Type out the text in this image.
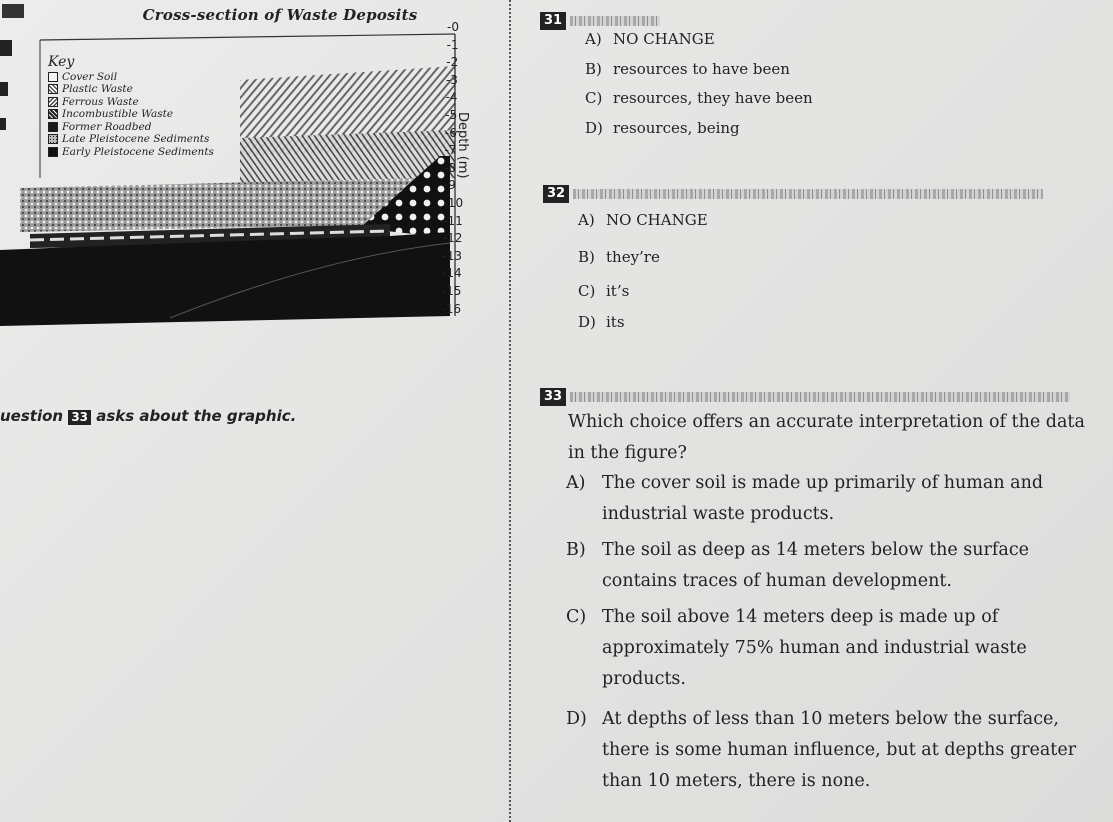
Cross-section of Waste Deposits
Key
Cover Soil
Plastic Waste
Ferrous Waste
Incombustible Waste
Former Roadbed
Late Pleistocene Sediments
Early Pleistocene Sediments
-0
-1
-2
-3
-4
-5
-6
-7
-8
-9
-10
-11
-12
-13
-14
-15
-16
Depth (m)
31
A) NO CHANGE
B) resources to have been
C) resources, they have been
D) resources, being
32
A) NO CHANGE
B) they’re
C) it’s
D) its
33
Which choice offers an accurate interpretation of the data in the figure?
A) The cover soil is made up primarily of human and industrial waste products.
B) The soil as deep as 14 meters below the surface contains traces of human development.
C) The soil above 14 meters deep is made up of approximately 75% human and industrial waste products.
D) At depths of less than 10 meters below the surface, there is some human influence, but at depths greater than 10 meters, there is none.
uestion 33 asks about the graphic.
